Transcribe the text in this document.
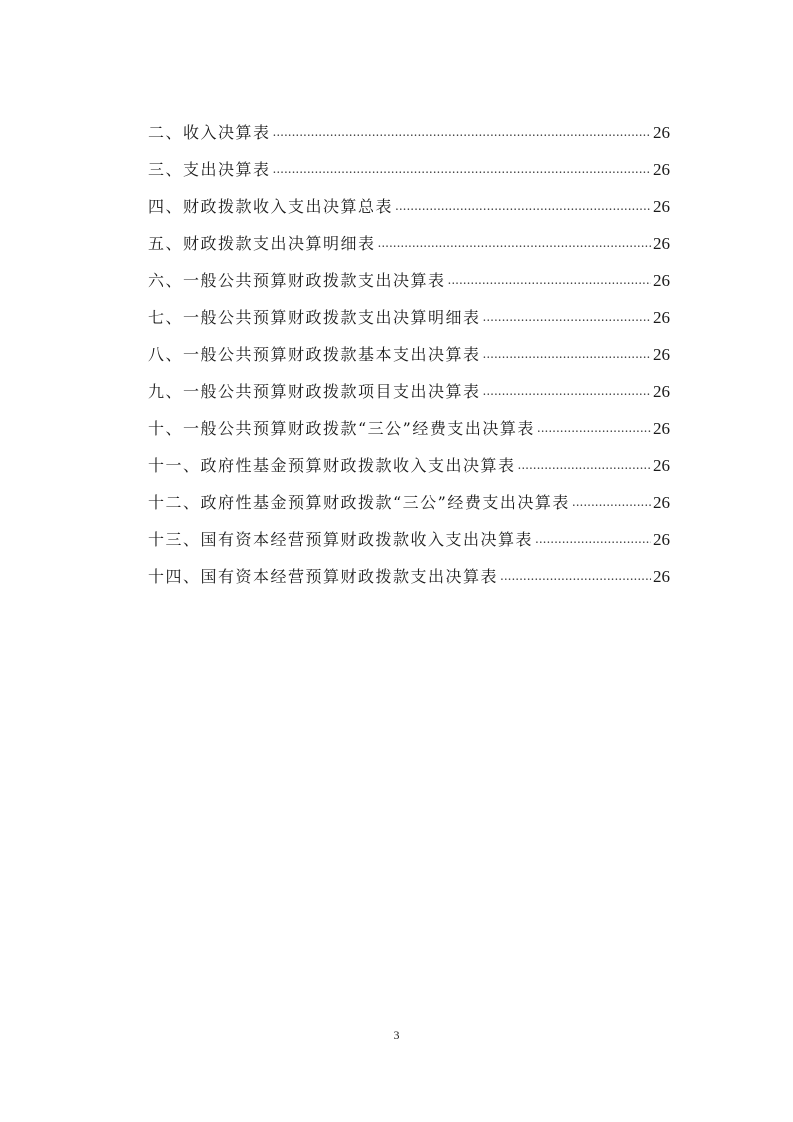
二、收入决算表 .....	26
三、支出决算表 .....	26
四、财政拨款收入支出决算总表 .....	26
五、财政拨款支出决算明细表 .....	26
六、一般公共预算财政拨款支出决算表 .....	26
七、一般公共预算财政拨款支出决算明细表 .....	26
八、一般公共预算财政拨款基本支出决算表 .....	26
九、一般公共预算财政拨款项目支出决算表 .....	26
十、一般公共预算财政拨款“三公”经费支出决算表 .....	26
十一、政府性基金预算财政拨款收入支出决算表 .....	26
十二、政府性基金预算财政拨款“三公”经费支出决算表 .....	26
十三、国有资本经营预算财政拨款收入支出决算表 .....	26
十四、国有资本经营预算财政拨款支出决算表 .....	26
3
